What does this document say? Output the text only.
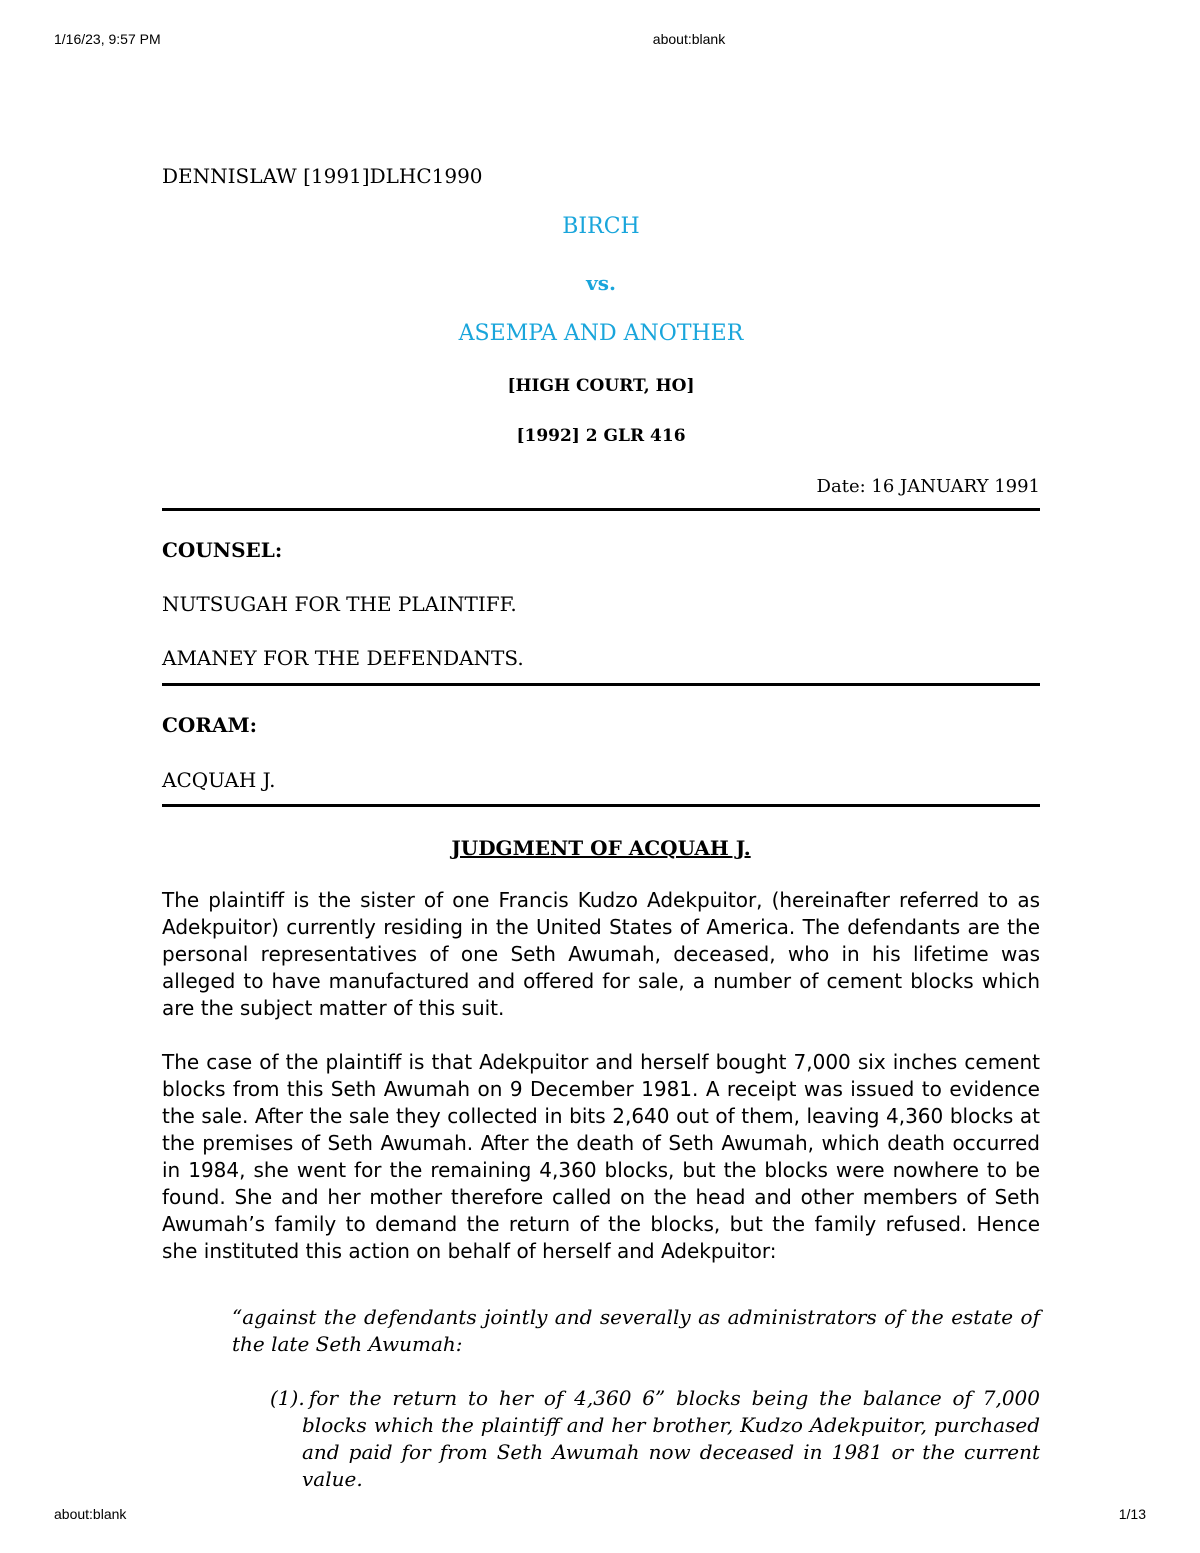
1/16/23, 9:57 PM	about:blank
DENNISLAW [1991]DLHC1990
BIRCH
vs.
ASEMPA AND ANOTHER
[HIGH COURT, HO]
[1992] 2 GLR 416
Date: 16 JANUARY 1991
COUNSEL:
NUTSUGAH FOR THE PLAINTIFF.
AMANEY FOR THE DEFENDANTS.
CORAM:
ACQUAH J.
JUDGMENT OF ACQUAH J.

The plaintiff is the sister of one Francis Kudzo Adekpuitor, (hereinafter referred to as Adekpuitor) currently residing in the United States of America. The defendants are the personal representatives of one Seth Awumah, deceased, who in his lifetime was alleged to have manufactured and offered for sale, a number of cement blocks which are the subject matter of this suit.

The case of the plaintiff is that Adekpuitor and herself bought 7,000 six inches cement blocks from this Seth Awumah on 9 December 1981. A receipt was issued to evidence the sale. After the sale they collected in bits 2,640 out of them, leaving 4,360 blocks at the premises of Seth Awumah. After the death of Seth Awumah, which death occurred in 1984, she went for the remaining 4,360 blocks, but the blocks were nowhere to be found. She and her mother therefore called on the head and other members of Seth Awumah’s family to demand the return of the blocks, but the family refused. Hence she instituted this action on behalf of herself and Adekpuitor:

“against the defendants jointly and severally as administrators of the estate of the late Seth Awumah:

(1). for the return to her of 4,360 6” blocks being the balance of 7,000 blocks which the plaintiff and her brother, Kudzo Adekpuitor, purchased and paid for from Seth Awumah now deceased in 1981 or the current value.

about:blank	1/13
